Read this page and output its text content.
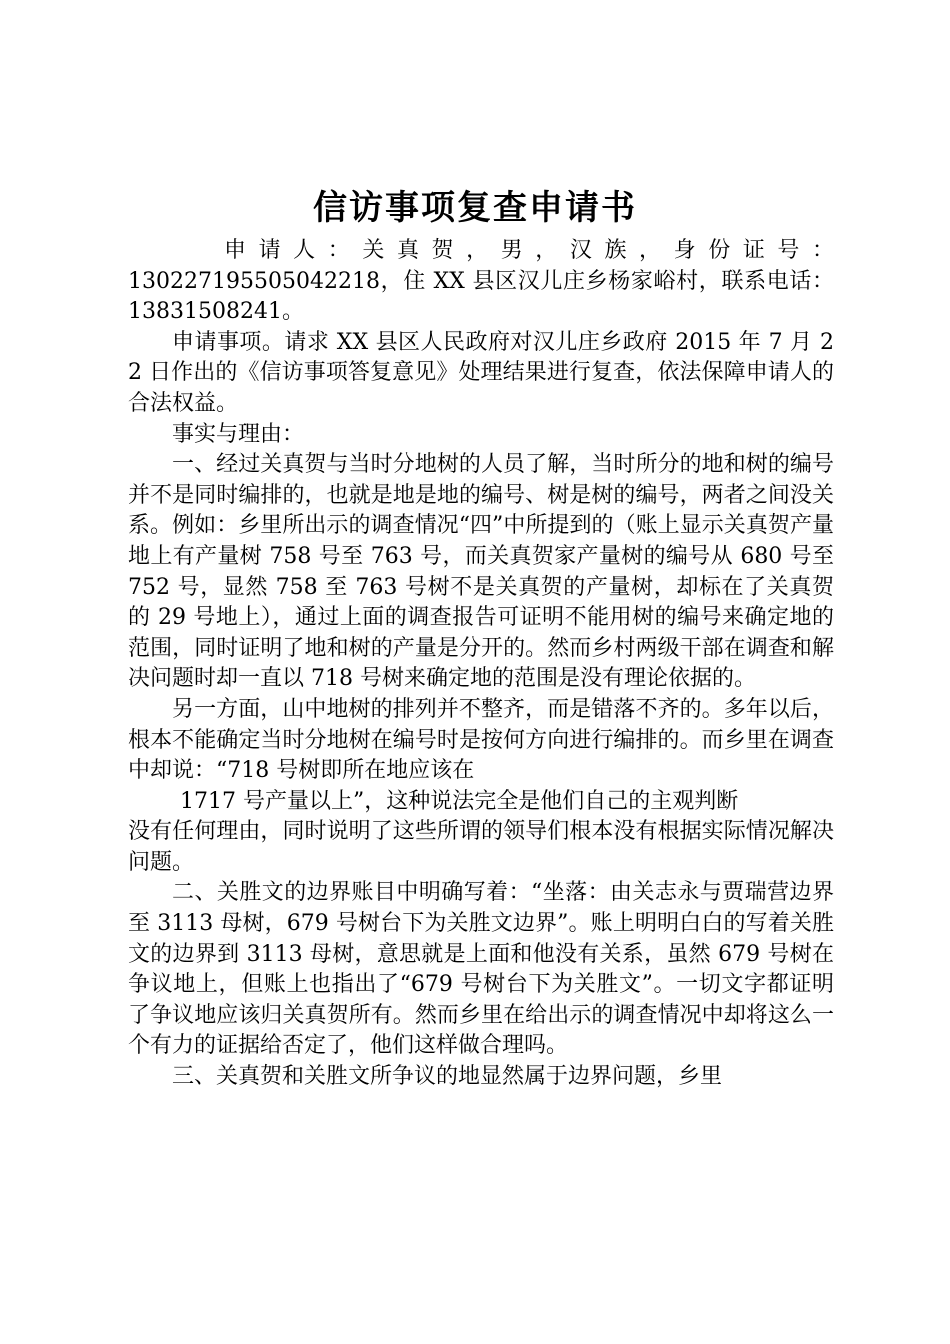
信访事项复查申请书

申 请 人 ： 关 真 贺 ， 男 ， 汉 族 ， 身 份 证 号 ：
130227195505042218，住 XX 县区汉儿庄乡杨家峪村，联系电话：13831508241。

申请事项。请求 XX 县区人民政府对汉儿庄乡政府 2015 年 7 月 22 日作出的《信访事项答复意见》处理结果进行复查，依法保障申请人的合法权益。

事实与理由：

一、经过关真贺与当时分地树的人员了解，当时所分的地和树的编号并不是同时编排的，也就是地是地的编号、树是树的编号，两者之间没关系。例如：乡里所出示的调查情况“四”中所提到的（账上显示关真贺产量地上有产量树 758 号至 763 号，而关真贺家产量树的编号从 680 号至 752 号，显然 758 至 763 号树不是关真贺的产量树，却标在了关真贺的 29 号地上），通过上面的调查报告可证明不能用树的编号来确定地的范围，同时证明了地和树的产量是分开的。然而乡村两级干部在调查和解决问题时却一直以 718 号树来确定地的范围是没有理论依据的。

另一方面，山中地树的排列并不整齐，而是错落不齐的。多年以后，根本不能确定当时分地树在编号时是按何方向进行编排的。而乡里在调查中却说：“718 号树即所在地应该在

1717 号产量以上”，这种说法完全是他们自己的主观判断
没有任何理由，同时说明了这些所谓的领导们根本没有根据实际情况解决问题。

二、关胜文的边界账目中明确写着：“坐落：由关志永与贾瑞营边界至 3113 母树，679 号树台下为关胜文边界”。账上明明白白的写着关胜文的边界到 3113 母树，意思就是上面和他没有关系，虽然 679 号树在争议地上，但账上也指出了“679 号树台下为关胜文”。一切文字都证明了争议地应该归关真贺所有。然而乡里在给出示的调查情况中却将这么一个有力的证据给否定了，他们这样做合理吗。

三、关真贺和关胜文所争议的地显然属于边界问题，乡里
